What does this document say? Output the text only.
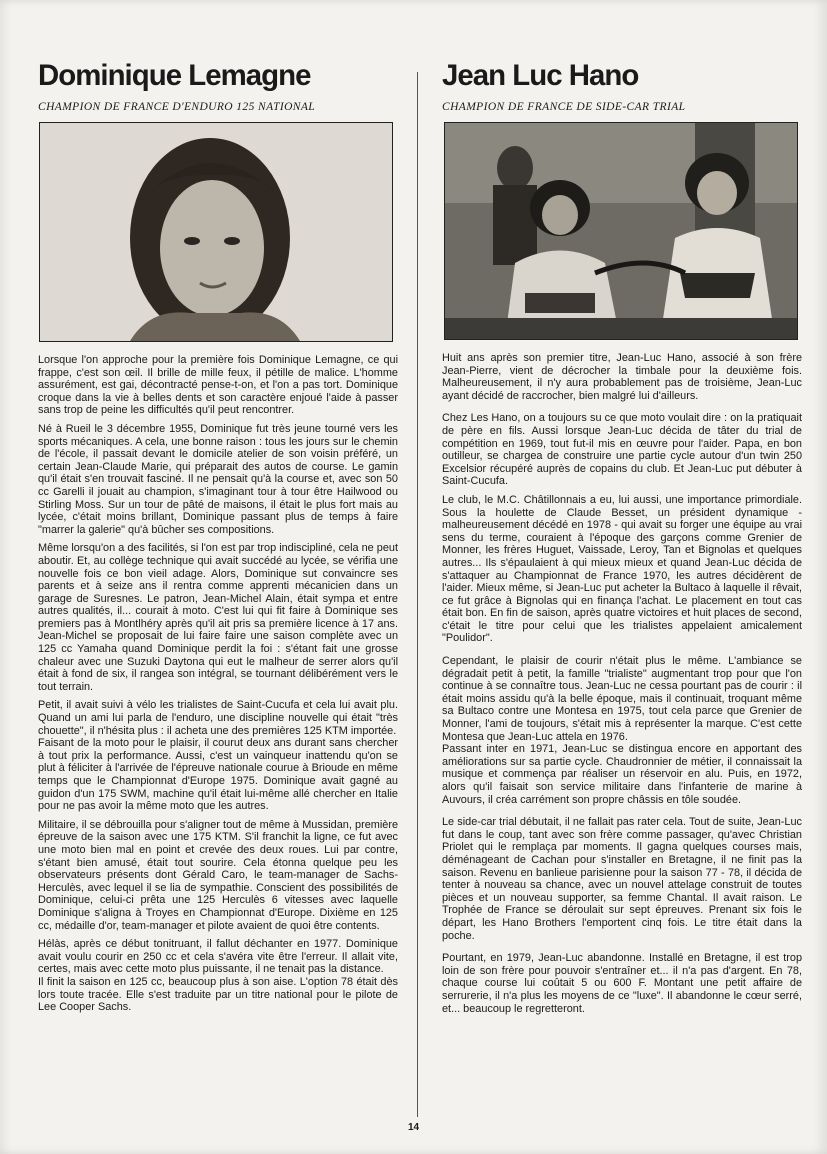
Dominique Lemagne
CHAMPION DE FRANCE D'ENDURO 125 NATIONAL

Lorsque l'on approche pour la première fois Dominique Lemagne, ce qui frappe, c'est son œil. Il brille de mille feux, il pétille de malice. L'homme assurément, est gai, décontracté pense-t-on, et l'on a pas tort. Dominique croque dans la vie à belles dents et son caractère enjoué l'aide à passer sans trop de peine les difficultés qu'il peut rencontrer.

Né à Rueil le 3 décembre 1955, Dominique fut très jeune tourné vers les sports mécaniques. A cela, une bonne raison : tous les jours sur le chemin de l'école, il passait devant le domicile atelier de son voisin préféré, un certain Jean-Claude Marie, qui préparait des autos de course. Le gamin qu'il était s'en trouvait fasciné. Il ne pensait qu'à la course et, avec son 50 cc Garelli il jouait au champion, s'imaginant tour à tour être Hailwood ou Stirling Moss. Sur un tour de pâté de maisons, il était le plus fort mais au lycée, c'était moins brillant, Dominique passant plus de temps à faire "marrer la galerie" qu'à bûcher ses compositions.

Même lorsqu'on a des facilités, si l'on est par trop indiscipliné, cela ne peut aboutir. Et, au collège technique qui avait succédé au lycée, se vérifia une nouvelle fois ce bon vieil adage. Alors, Dominique sut convaincre ses parents et à seize ans il rentra comme apprenti mécanicien dans un garage de Suresnes. Le patron, Jean-Michel Alain, était sympa et entre autres qualités, il... courait à moto. C'est lui qui fit faire à Dominique ses premiers pas à Montlhéry après qu'il ait pris sa première licence à 17 ans. Jean-Michel se proposait de lui faire faire une saison complète avec un 125 cc Yamaha quand Dominique perdit la foi : s'étant fait une grosse chaleur avec une Suzuki Daytona qui eut le malheur de serrer alors qu'il était à fond de six, il rangea son intégral, se tournant délibérément vers le tout terrain.

Petit, il avait suivi à vélo les trialistes de Saint-Cucufa et cela lui avait plu. Quand un ami lui parla de l'enduro, une discipline nouvelle qui était "très chouette", il n'hésita plus : il acheta une des premières 125 KTM importée.

Faisant de la moto pour le plaisir, il courut deux ans durant sans chercher à tout prix la performance. Aussi, c'est un vainqueur inattendu qu'on se plut à féliciter à l'arrivée de l'épreuve nationale courue à Brioude en même temps que le Championnat d'Europe 1975. Dominique avait gagné au guidon d'un 175 SWM, machine qu'il était lui-même allé chercher en Italie pour ne pas avoir la même moto que les autres.

Militaire, il se débrouilla pour s'aligner tout de même à Mussidan, première épreuve de la saison avec une 175 KTM. S'il franchit la ligne, ce fut avec une moto bien mal en point et crevée des deux roues. Lui par contre, s'étant bien amusé, était tout sourire. Cela étonna quelque peu les observateurs présents dont Gérald Caro, le team-manager de Sachs-Herculès, avec lequel il se lia de sympathie. Conscient des possibilités de Dominique, celui-ci prêta une 125 Herculès 6 vitesses avec laquelle Dominique s'aligna à Troyes en Championnat d'Europe. Dixième en 125 cc, médaille d'or, team-manager et pilote avaient de quoi être contents.

Hélàs, après ce début tonitruant, il fallut déchanter en 1977. Dominique avait voulu courir en 250 cc et cela s'avéra vite être l'erreur. Il allait vite, certes, mais avec cette moto plus puissante, il ne tenait pas la distance.

Il finit la saison en 125 cc, beaucoup plus à son aise. L'option 78 était dès lors toute tracée. Elle s'est traduite par un titre national pour le pilote de Lee Cooper Sachs.

Jean Luc Hano
CHAMPION DE FRANCE DE SIDE-CAR TRIAL

Huit ans après son premier titre, Jean-Luc Hano, associé à son frère Jean-Pierre, vient de décrocher la timbale pour la deuxième fois. Malheureusement, il n'y aura probablement pas de troisième, Jean-Luc ayant décidé de raccrocher, bien malgré lui d'ailleurs.

Chez Les Hano, on a toujours su ce que moto voulait dire : on la pratiquait de père en fils. Aussi lorsque Jean-Luc décida de tâter du trial de compétition en 1969, tout fut-il mis en œuvre pour l'aider. Papa, en bon outilleur, se chargea de construire une partie cycle autour d'un twin 250 Excelsior récupéré auprès de copains du club. Et Jean-Luc put débuter à Saint-Cucufa.

Le club, le M.C. Châtillonnais a eu, lui aussi, une importance primordiale. Sous la houlette de Claude Besset, un président dynamique - malheureusement décédé en 1978 - qui avait su forger une équipe au vrai sens du terme, couraient à l'époque des garçons comme Grenier de Monner, les frères Huguet, Vaissade, Leroy, Tan et Bignolas et quelques autres... Ils s'épaulaient à qui mieux mieux et quand Jean-Luc décida de s'attaquer au Championnat de France 1970, les autres décidèrent de l'aider. Mieux même, si Jean-Luc put acheter la Bultaco à laquelle il rêvait, ce fut grâce à Bignolas qui en finança l'achat. Le placement en tout cas était bon. En fin de saison, après quatre victoires et huit places de second, c'était le titre pour celui que les trialistes appelaient amicalement "Poulidor".

Cependant, le plaisir de courir n'était plus le même. L'ambiance se dégradait petit à petit, la famille "trialiste" augmentant trop pour que l'on continue à se connaître tous. Jean-Luc ne cessa pourtant pas de courir : il était moins assidu qu'à la belle époque, mais il continuait, troquant même sa Bultaco contre une Montesa en 1975, tout cela parce que Grenier de Monner, l'ami de toujours, s'était mis à représenter la marque. C'est cette Montesa que Jean-Luc attela en 1976.

Passant inter en 1971, Jean-Luc se distingua encore en apportant des améliorations sur sa partie cycle. Chaudronnier de métier, il connaissait la musique et commença par réaliser un réservoir en alu. Puis, en 1972, alors qu'il faisait son service militaire dans l'infanterie de marine à Auvours, il créa carrément son propre châssis en tôle soudée.

Le side-car trial débutait, il ne fallait pas rater cela. Tout de suite, Jean-Luc fut dans le coup, tant avec son frère comme passager, qu'avec Christian Priolet qui le remplaça par moments. Il gagna quelques courses mais, déménageant de Cachan pour s'installer en Bretagne, il ne finit pas la saison. Revenu en banlieue parisienne pour la saison 77 - 78, il décida de tenter à nouveau sa chance, avec un nouvel attelage construit de toutes pièces et un nouveau supporter, sa femme Chantal. Il avait raison. Le Trophée de France se déroulait sur sept épreuves. Prenant six fois le départ, les Hano Brothers l'emportent cinq fois. Le titre était dans la poche.

Pourtant, en 1979, Jean-Luc abandonne. Installé en Bretagne, il est trop loin de son frère pour pouvoir s'entraîner et... il n'a pas d'argent. En 78, chaque course lui coûtait 5 ou 600 F. Montant une petit affaire de serrurerie, il n'a plus les moyens de ce "luxe". Il abandonne le cœur serré, et... beaucoup le regretteront.

14
